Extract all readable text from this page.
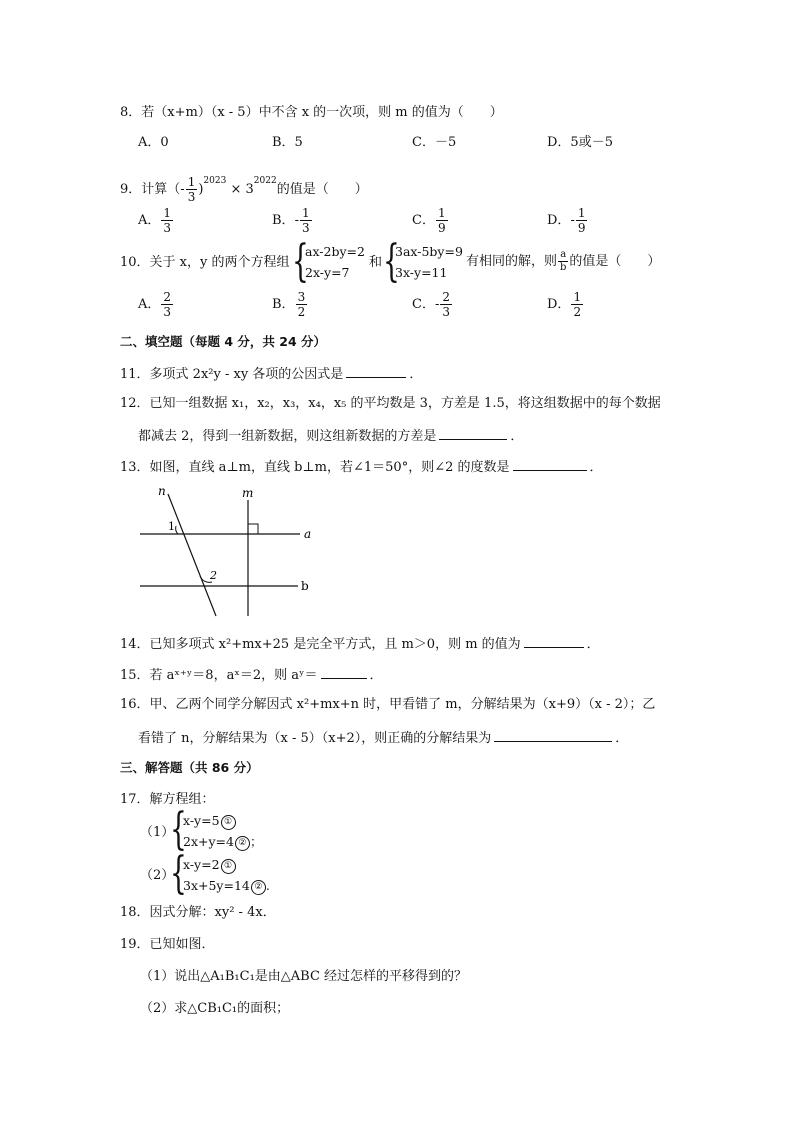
8．若（x+m）（x - 5）中不含 x 的一次项，则 m 的值为（　　）
A．0	B．5	C．－5	D．5或－5
9．计算（- $\frac{1}{3} )^{2023} \times 3^{2022}$的值是（　　）
A． $\frac{1}{3}$	B．- $\frac{1}{3}$	C． $\frac{1}{9}$	D．- $\frac{1}{9}$
10．关于 x，y 的两个方程组 {
ax-2by=2
2x-y=7
和 {
3ax-5by=9
3x-y=11
有相同的解，则 $\frac{a}{b}$ 的值是（　　）
A． $\frac{2}{3}$	B． $\frac{3}{2}$	C．- $\frac{2}{3}$	D． $\frac{1}{2}$
二、填空题（每题 4 分，共 24 分）
11．多项式 2x²y - xy 各项的公因式是	．
12．已知一组数据 x₁，x₂，x₃，x₄，x₅ 的平均数是 3，方差是 1.5，将这组数据中的每个数据
都减去 2，得到一组新数据，则这组新数据的方差是	．
13．如图，直线 a⊥m，直线 b⊥m，若∠1＝50°，则∠2 的度数是	．
n	m
a
b
1
2
14．已知多项式 x²+mx+25 是完全平方式，且 m＞0，则 m 的值为	．
15．若 aˣ⁺ʸ＝8，aˣ＝2，则 aʸ＝	．
16．甲、乙两个同学分解因式 x²+mx+n 时，甲看错了 m，分解结果为（x+9）（x - 2）；乙
看错了 n，分解结果为（x - 5）（x+2），则正确的分解结果为	．
三、解答题（共 86 分）
17．解方程组：
（1）
{
x-y=5 ①
2x+y=4 ② ；
（2）
{
x-y=2 ①
3x+5y=14 ② .
18．因式分解：xy² - 4x．
19．已知如图．
（1）说出△A₁B₁C₁是由△ABC 经过怎样的平移得到的？
（2）求△CB₁C₁的面积；
